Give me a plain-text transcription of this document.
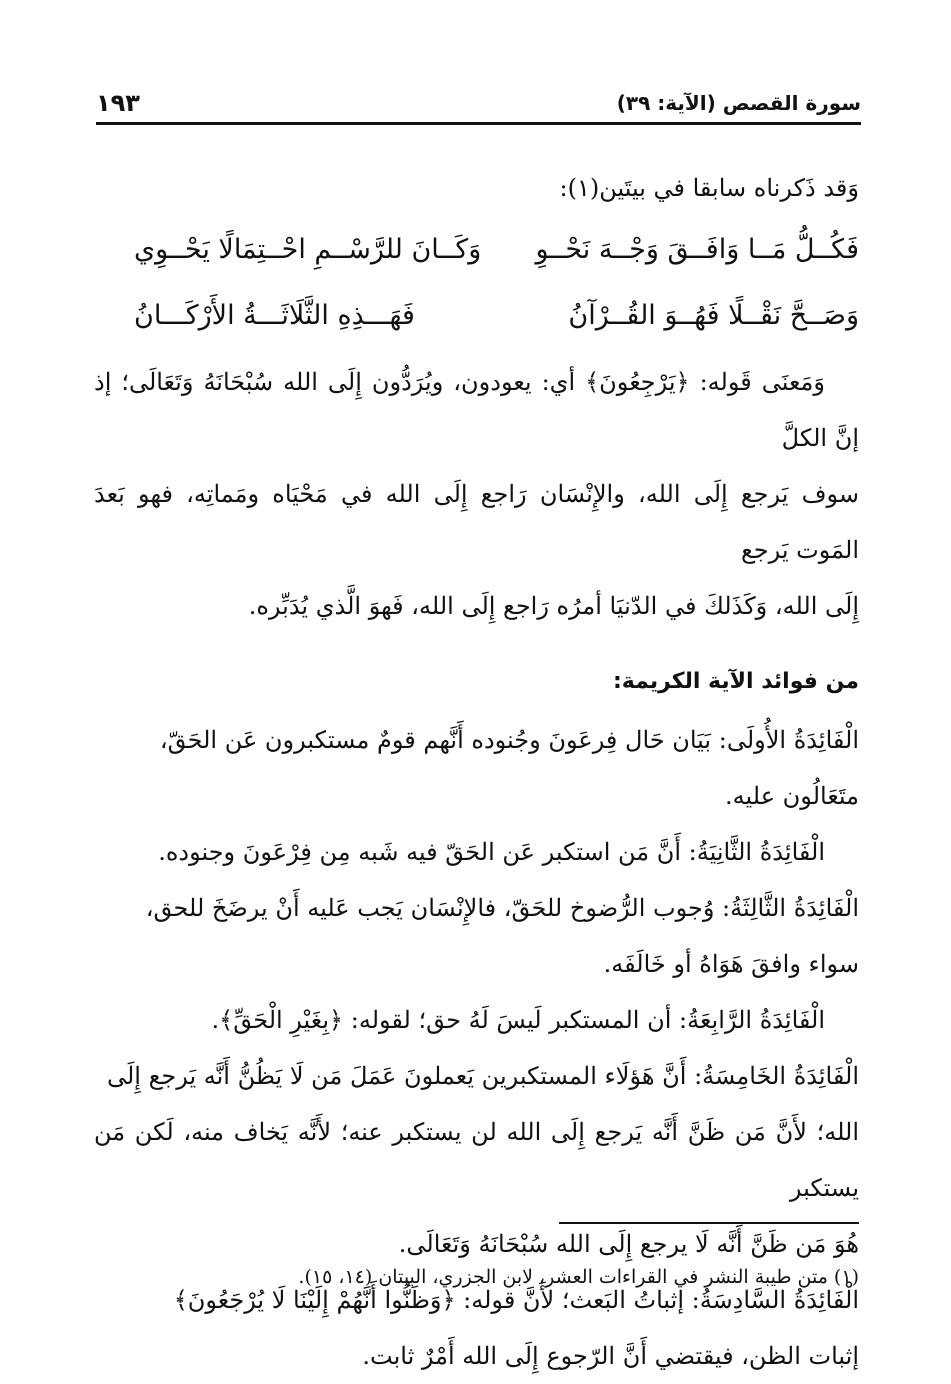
سورة القصص (الآية: ٣٩)
١٩٣

وَقد ذَكرناه سابقا في بيتَين(١):

فَكُــلُّ مَــا وَافَــقَ وَجْــهَ نَحْــوِ
وَكَــانَ للرَّسْــمِ احْــتِمَالًا يَحْــوِي
وَصَــحَّ نَقْــلًا فَهُــوَ القُــرْآنُ
فَهَـــذِهِ الثَّلَاثَـــةُ الأَرْكَـــانُ

وَمَعنَى قَوله: ﴿يَرْجِعُونَ﴾ أي: يعودون، ويُرَدُّون إِلَى الله سُبْحَانَهُ وَتَعَالَى؛ إذ إنَّ الكلَّ

سوف يَرجع إِلَى الله، والإِنْسَان رَاجع إِلَى الله في مَحْيَاه ومَماتِه، فهو بَعدَ المَوت يَرجع

إِلَى الله، وَكَذَلكَ في الدّنيَا أمرُه رَاجع إِلَى الله، فَهوَ الَّذي يُدَبِّره.

من فوائد الآية الكريمة:

الْفَائِدَةُ الأُولَى: بَيَان حَال فِرعَونَ وجُنوده أَنَّهم قومٌ مستكبرون عَن الحَقّ،

متَعَالُون عليه.

الْفَائِدَةُ الثَّانِيَةُ: أَنَّ مَن استكبر عَن الحَقّ فيه شَبه مِن فِرْعَونَ وجنوده.

الْفَائِدَةُ الثَّالِثَةُ: وُجوب الرُّضوخ للحَقّ، فالإِنْسَان يَجب عَليه أَنْ يرضَخَ للحق،

سواء وافقَ هَوَاهُ أو خَالَفَه.

الْفَائِدَةُ الرَّابِعَةُ: أن المستكبر لَيسَ لَهُ حق؛ لقوله: ﴿بِغَيْرِ الْحَقِّ﴾.

الْفَائِدَةُ الخَامِسَةُ: أَنَّ هَؤلَاء المستكبرين يَعملونَ عَمَلَ مَن لَا يَظُنُّ أَنَّه يَرجع إِلَى

الله؛ لأَنَّ مَن ظَنَّ أَنَّه يَرجع إِلَى الله لن يستكبر عنه؛ لأَنَّه يَخاف منه، لَكن مَن يستكبر

هُوَ مَن ظَنَّ أَنَّه لَا يرجع إِلَى الله سُبْحَانَهُ وَتَعَالَى.

الْفَائِدَةُ السَّادِسَةُ: إثباتُ البَعث؛ لأَنَّ قوله: ﴿وَظَنُّوا أَنَّهُمْ إِلَيْنَا لَا يُرْجَعُونَ﴾

إثبات الظن، فيقتضي أَنَّ الرّجوع إِلَى الله أَمْرٌ ثابت.

(١) متن طيبة النشر في القراءات العشر، لابن الجزري، البيتان (١٤، ١٥).
